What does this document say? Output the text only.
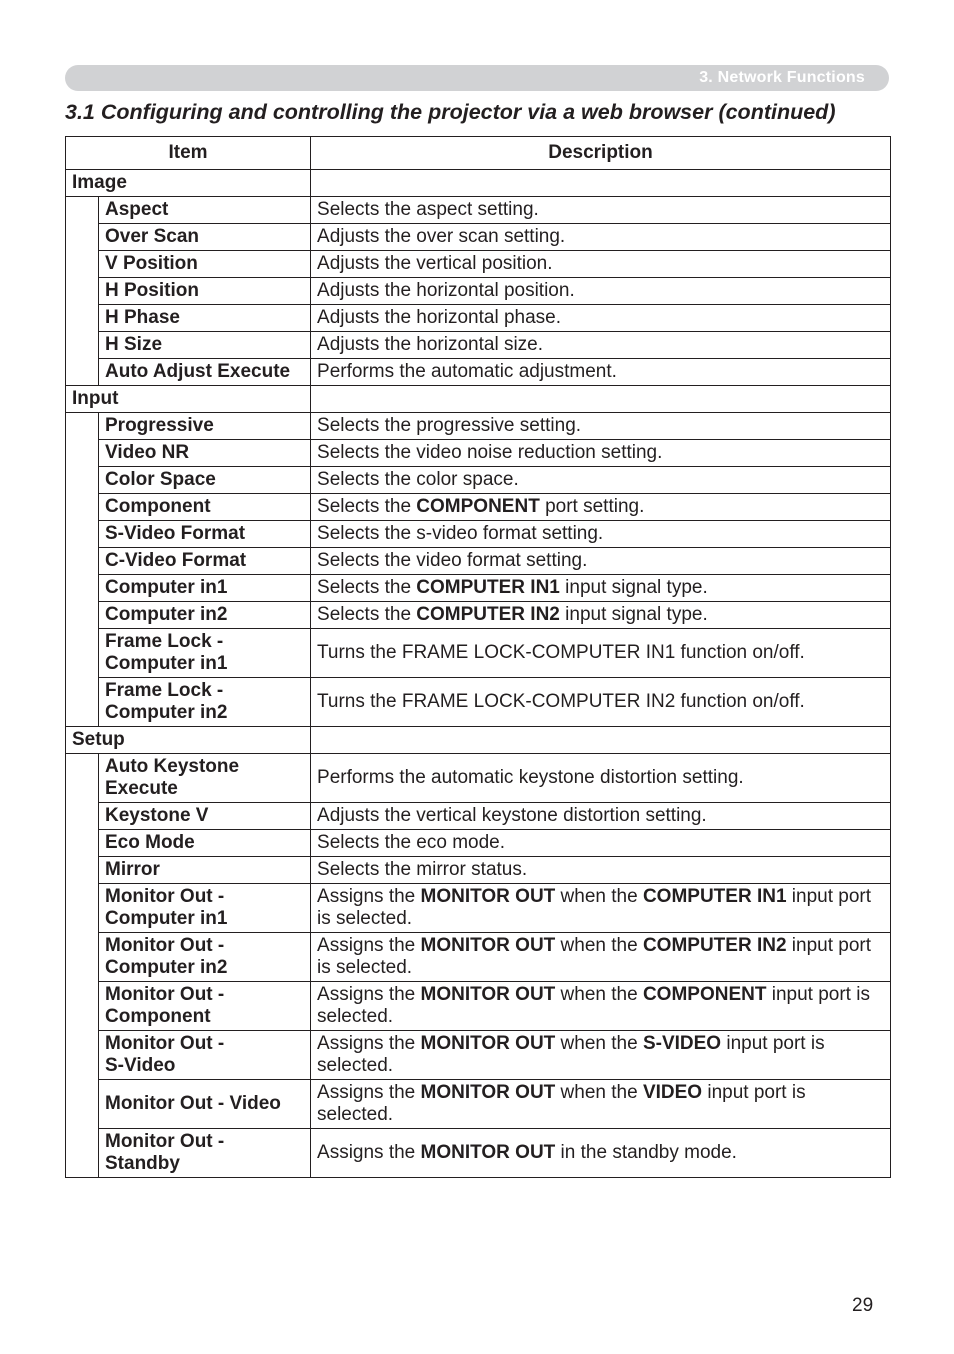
3. Network Functions
3.1 Configuring and controlling the projector via a web browser (continued)
Item		Description
Image		
	Aspect	Selects the aspect setting.
	Over Scan	Adjusts the over scan setting.
	V Position	Adjusts the vertical position.
	H Position	Adjusts the horizontal position.
	H Phase	Adjusts the horizontal phase.
	H Size	Adjusts the horizontal size.
	Auto Adjust Execute	Performs the automatic adjustment.
Input		
	Progressive	Selects the progressive setting.
	Video NR	Selects the video noise reduction setting.
	Color Space	Selects the color space.
	Component	Selects the COMPONENT port setting.
	S-Video Format	Selects the s-video format setting.
	C-Video Format	Selects the video format setting.
	Computer in1	Selects the COMPUTER IN1 input signal type.
	Computer in2	Selects the COMPUTER IN2 input signal type.
	Frame Lock -
Computer in1	Turns the FRAME LOCK-COMPUTER IN1 function on/off.
	Frame Lock -
Computer in2	Turns the FRAME LOCK-COMPUTER IN2 function on/off.
Setup		
	Auto Keystone
Execute	Performs the automatic keystone distortion setting.
	Keystone V	Adjusts the vertical keystone distortion setting.
	Eco Mode	Selects the eco mode.
	Mirror	Selects the mirror status.
	Monitor Out -
Computer in1	Assigns the MONITOR OUT when the COMPUTER IN1 input port is selected.
	Monitor Out -
Computer in2	Assigns the MONITOR OUT when the COMPUTER IN2 input port is selected.
	Monitor Out -
Component	Assigns the MONITOR OUT when the COMPONENT input port is selected.
	Monitor Out -
S-Video	Assigns the MONITOR OUT when the S-VIDEO input port is selected.
	Monitor Out - Video	Assigns the MONITOR OUT when the VIDEO input port is selected.
	Monitor Out -
Standby	Assigns the MONITOR OUT in the standby mode.
29
